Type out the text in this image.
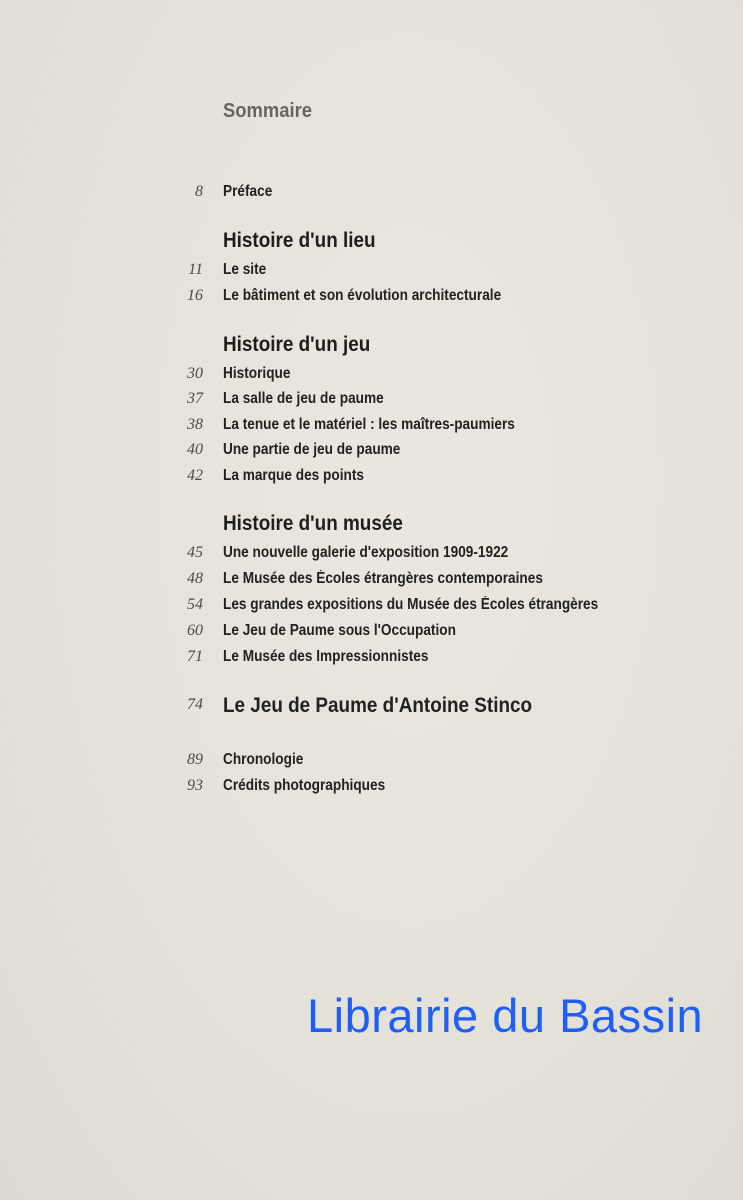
Sommaire
8 Préface
Histoire d'un lieu
11 Le site
16 Le bâtiment et son évolution architecturale
Histoire d'un jeu
30 Historique
37 La salle de jeu de paume
38 La tenue et le matériel : les maîtres-paumiers
40 Une partie de jeu de paume
42 La marque des points
Histoire d'un musée
45 Une nouvelle galerie d'exposition 1909-1922
48 Le Musée des Écoles étrangères contemporaines
54 Les grandes expositions du Musée des Écoles étrangères
60 Le Jeu de Paume sous l'Occupation
71 Le Musée des Impressionnistes
74 Le Jeu de Paume d'Antoine Stinco
89 Chronologie
93 Crédits photographiques
Librairie du Bassin
